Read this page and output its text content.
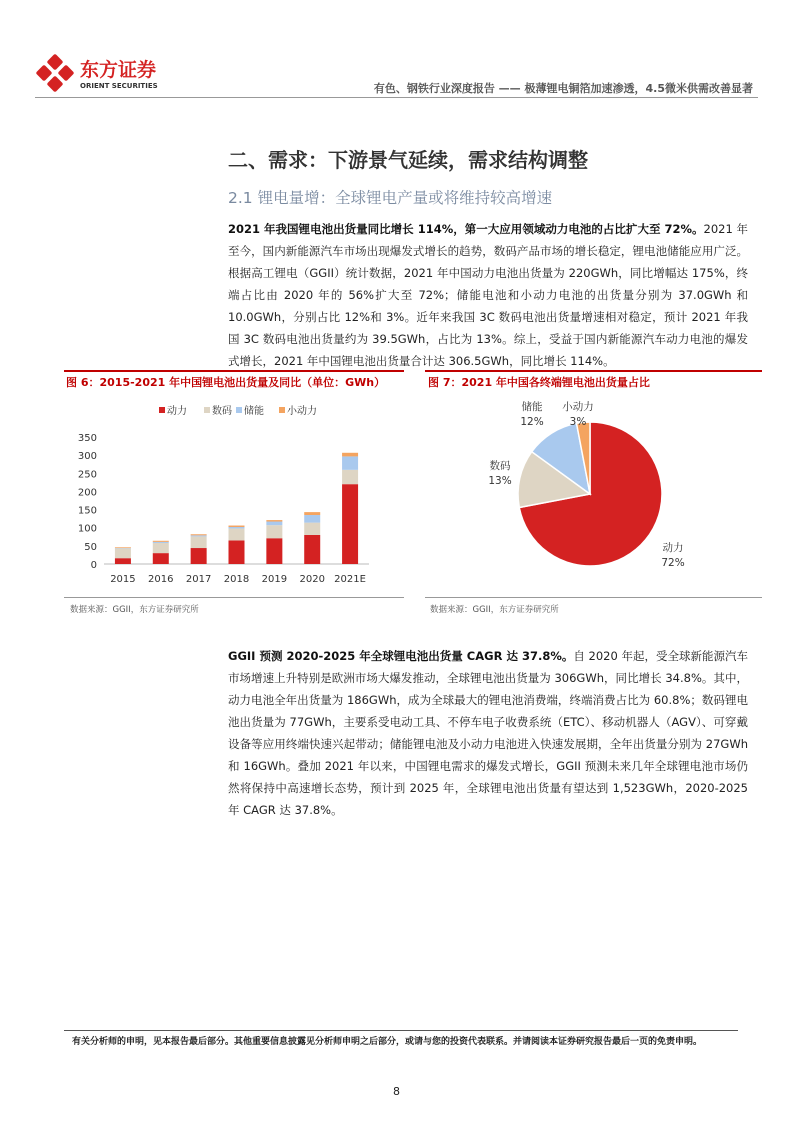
东方证券
ORIENT SECURITIES	有色、钢铁行业深度报告 —— 极薄锂电铜箔加速渗透，4.5微米供需改善显著
二、需求：下游景气延续，需求结构调整
2.1 锂电量增：全球锂电产量或将维持较高增速
2021 年我国锂电池出货量同比增长 114%，第一大应用领域动力电池的占比扩大至 72%。2021 年至今，国内新能源汽车市场出现爆发式增长的趋势，数码产品市场的增长稳定，锂电池储能应用广泛。根据高工锂电（GGII）统计数据，2021 年中国动力电池出货量为 220GWh，同比增幅达 175%，终端占比由 2020 年的 56%扩大至 72%；储能电池和小动力电池的出货量分别为 37.0GWh 和 10.0GWh，分别占比 12%和 3%。近年来我国 3C 数码电池出货量增速相对稳定，预计 2021 年我国 3C 数码电池出货量约为 39.5GWh，占比为 13%。综上，受益于国内新能源汽车动力电池的爆发式增长，2021 年中国锂电池出货量合计达 306.5GWh，同比增长 114%。
图 6：2015-2021 年中国锂电池出货量及同比（单位：GWh）
动力	数码 储能 小动力
0
50
100
150
200
250
300
350
2015 2016 2017 2018 2019 2020 2021E
数据来源：GGII，东方证券研究所
图 7：2021 年中国各终端锂电池出货量占比
动力
72%
数码
13%
储能
12%
小动力
3%
数据来源：GGII，东方证券研究所
GGII 预测 2020-2025 年全球锂电池出货量 CAGR 达 37.8%。自 2020 年起，受全球新能源汽车市场增速上升特别是欧洲市场大爆发推动，全球锂电池出货量为 306GWh，同比增长 34.8%。其中，动力电池全年出货量为 186GWh，成为全球最大的锂电池消费端，终端消费占比为 60.8%；数码锂电池出货量为 77GWh，主要系受电动工具、不停车电子收费系统（ETC）、移动机器人（AGV）、可穿戴设备等应用终端快速兴起带动；储能锂电池及小动力电池进入快速发展期，全年出货量分别为 27GWh 和 16GWh。叠加 2021 年以来，中国锂电需求的爆发式增长，GGII 预测未来几年全球锂电池市场仍然将保持中高速增长态势，预计到 2025 年，全球锂电池出货量有望达到 1,523GWh，2020-2025 年 CAGR 达 37.8%。
有关分析师的申明，见本报告最后部分。其他重要信息披露见分析师申明之后部分，或请与您的投资代表联系。并请阅读本证券研究报告最后一页的免责申明。
8
